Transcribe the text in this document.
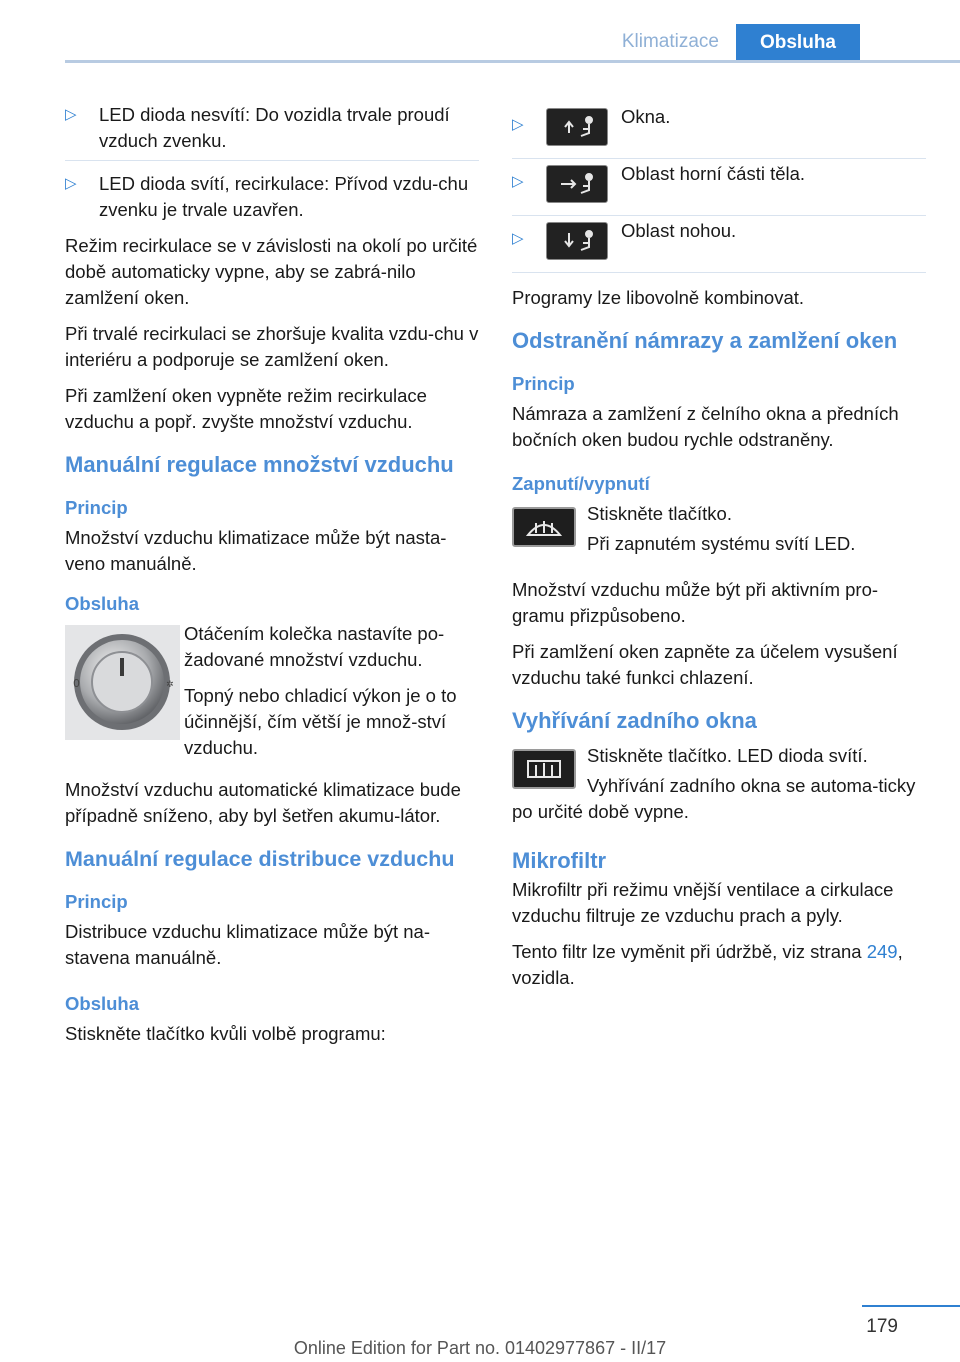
Klimatizace	Obsluha
▷ LED dioda nesvítí: Do vozidla trvale proudí vzduch zvenku.
▷ LED dioda svítí, recirkulace: Přívod vzdu-chu zvenku je trvale uzavřen.

Režim recirkulace se v závislosti na okolí po určité době automaticky vypne, aby se zabrá-nilo zamlžení oken.

Při trvalé recirkulaci se zhoršuje kvalita vzdu-chu v interiéru a podporuje se zamlžení oken.

Při zamlžení oken vypněte režim recirkulace vzduchu a popř. zvyšte množství vzduchu.

Manuální regulace množství vzduchu
Princip

Množství vzduchu klimatizace může být nasta-veno manuálně.

Obsluha
0	✲

Otáčením kolečka nastavíte po-žadované množství vzduchu.

Topný nebo chladicí výkon je o to účinnější, čím větší je množ-ství vzduchu.

Množství vzduchu automatické klimatizace bude případně sníženo, aby byl šetřen akumu-látor.

Manuální regulace distribuce vzduchu
Princip

Distribuce vzduchu klimatizace může být na-stavena manuálně.

Obsluha

Stiskněte tlačítko kvůli volbě programu:

▷	Okna.
▷	Oblast horní části těla.
▷	Oblast nohou.

Programy lze libovolně kombinovat.

Odstranění námrazy a zamlžení oken
Princip

Námraza a zamlžení z čelního okna a předních bočních oken budou rychle odstraněny.

Zapnutí/vypnutí

Stiskněte tlačítko.

Při zapnutém systému svítí LED.

Množství vzduchu může být při aktivním pro-gramu přizpůsobeno.

Při zamlžení oken zapněte za účelem vysušení vzduchu také funkci chlazení.

Vyhřívání zadního okna

Stiskněte tlačítko. LED dioda svítí.

Vyhřívání zadního okna se automa-ticky po určité době vypne.

Mikrofiltr

Mikrofiltr při režimu vnější ventilace a cirkulace vzduchu filtruje ze vzduchu prach a pyly.

Tento filtr lze vyměnit při údržbě, viz strana 249, vozidla.

179
Online Edition for Part no. 01402977867 - II/17
